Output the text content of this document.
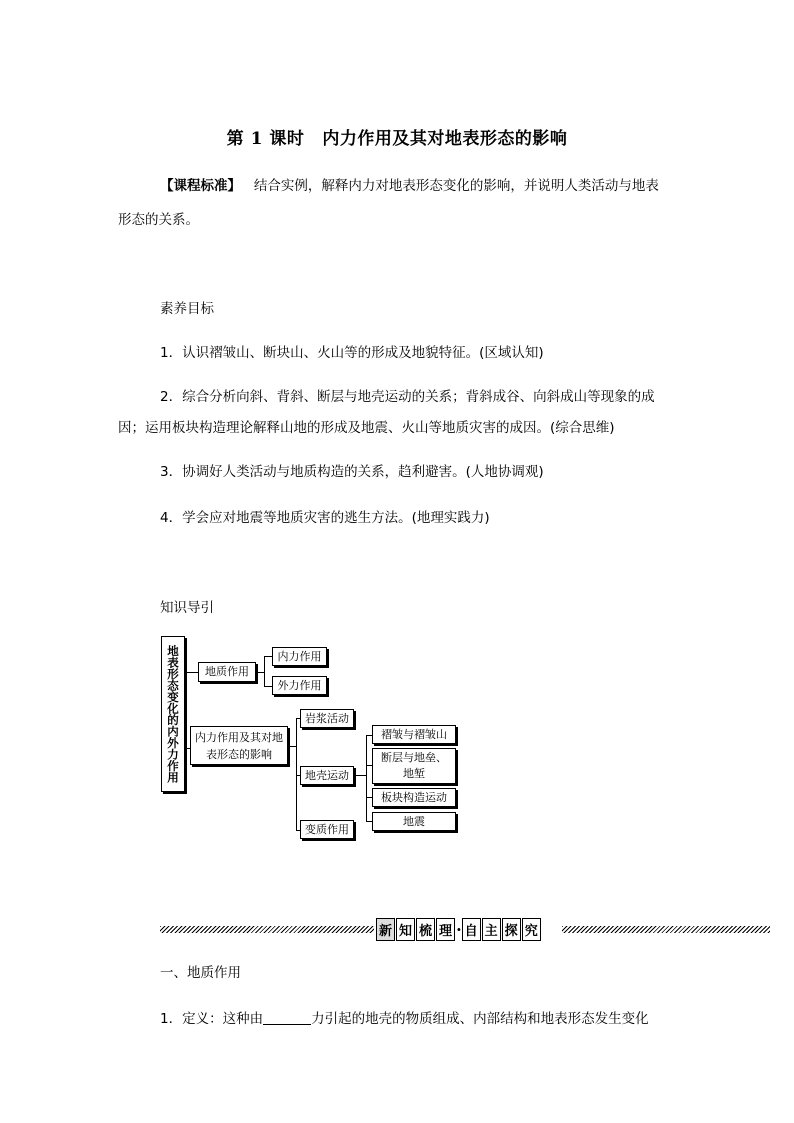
第 1 课时 内力作用及其对地表形态的影响
【课程标准】 结合实例，解释内力对地表形态变化的影响，并说明人类活动与地表
形态的关系。
素养目标
1．认识褶皱山、断块山、火山等的形成及地貌特征。(区域认知)
2．综合分析向斜、背斜、断层与地壳运动的关系；背斜成谷、向斜成山等现象的成
因；运用板块构造理论解释山地的形成及地震、火山等地质灾害的成因。(综合思维)
3．协调好人类活动与地质构造的关系，趋利避害。(人地协调观)
4．学会应对地震等地质灾害的逃生方法。(地理实践力)
知识导引
地表形态变化的内外力作用	地质作用
内力作用
外力作用
内力作用及其对地表形态的影响
岩浆活动
地壳运动
变质作用
褶皱与褶皱山
断层与地垒、地堑
板块构造运动
地震
新 知 梳 理 · 自 主 探 究
一、地质作用
1．定义：这种由	力引起的地壳的物质组成、内部结构和地表形态发生变化
